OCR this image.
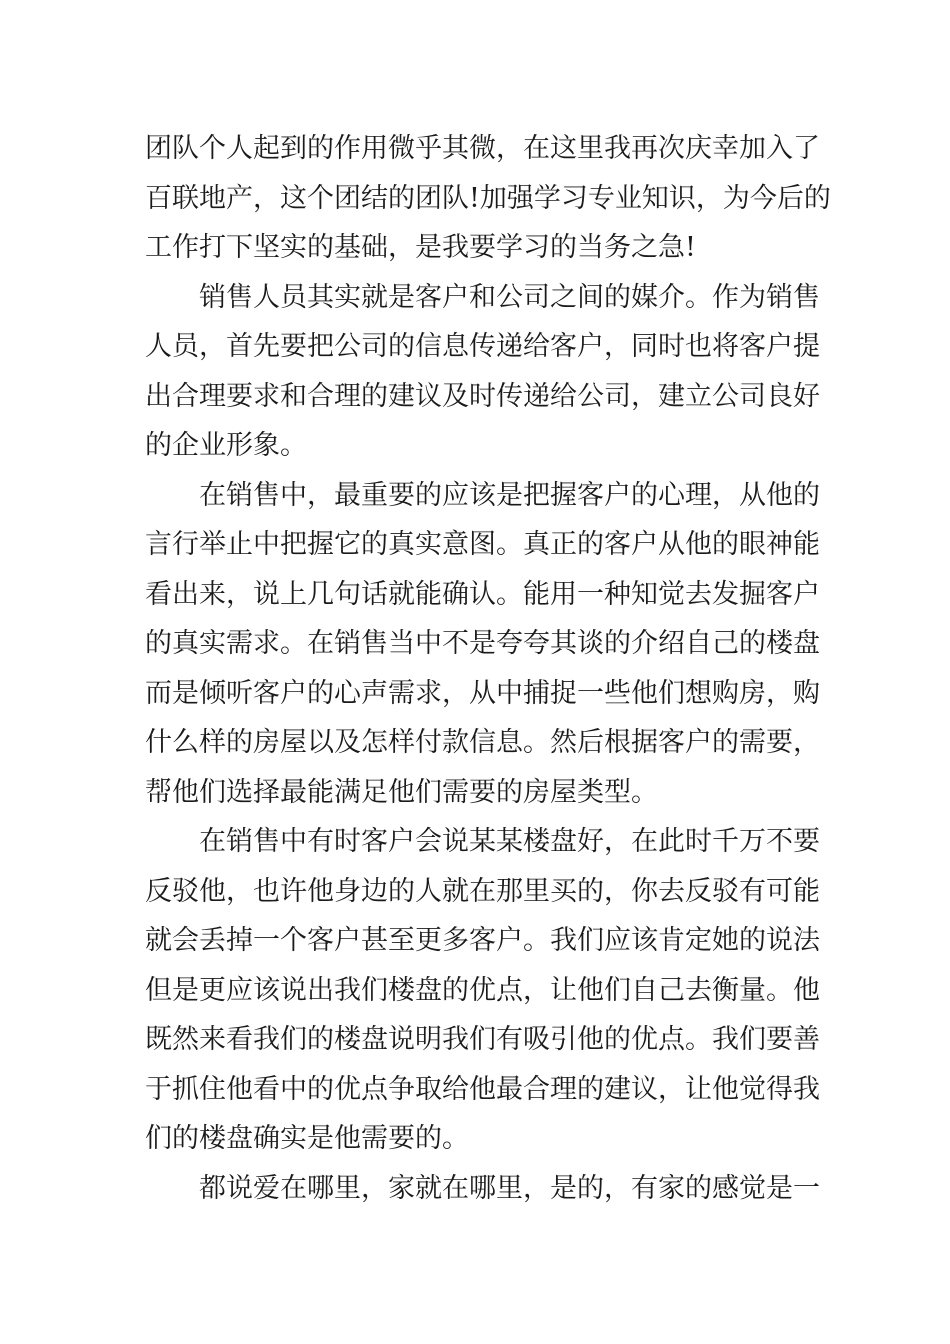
团队个人起到的作用微乎其微，在这里我再次庆幸加入了
百联地产，这个团结的团队!加强学习专业知识，为今后的
工作打下坚实的基础，是我要学习的当务之急!
销售人员其实就是客户和公司之间的媒介。作为销售
人员，首先要把公司的信息传递给客户，同时也将客户提
出合理要求和合理的建议及时传递给公司，建立公司良好
的企业形象。
在销售中，最重要的应该是把握客户的心理，从他的
言行举止中把握它的真实意图。真正的客户从他的眼神能
看出来，说上几句话就能确认。能用一种知觉去发掘客户
的真实需求。在销售当中不是夸夸其谈的介绍自己的楼盘
而是倾听客户的心声需求，从中捕捉一些他们想购房，购
什么样的房屋以及怎样付款信息。然后根据客户的需要，
帮他们选择最能满足他们需要的房屋类型。
在销售中有时客户会说某某楼盘好，在此时千万不要
反驳他，也许他身边的人就在那里买的，你去反驳有可能
就会丢掉一个客户甚至更多客户。我们应该肯定她的说法
但是更应该说出我们楼盘的优点，让他们自己去衡量。他
既然来看我们的楼盘说明我们有吸引他的优点。我们要善
于抓住他看中的优点争取给他最合理的建议，让他觉得我
们的楼盘确实是他需要的。
都说爱在哪里，家就在哪里，是的，有家的感觉是一
